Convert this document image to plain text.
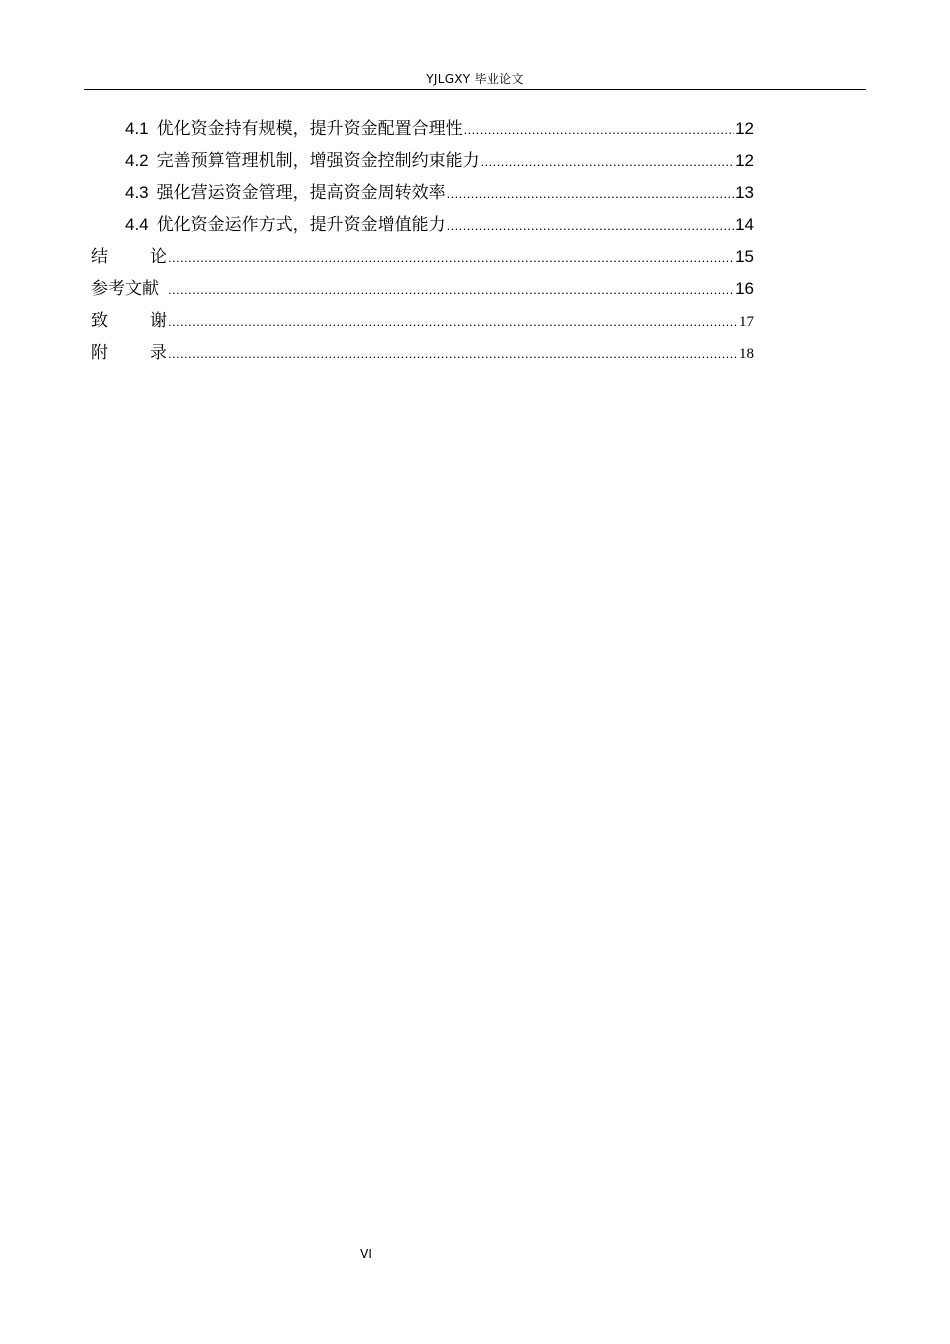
YJLGXY 毕业论文
4.1 优化资金持有规模，提升资金配置合理性 .....	12
4.2 完善预算管理机制，增强资金控制约束能力 .....	12
4.3 强化营运资金管理，提高资金周转效率 .....	13
4.4 优化资金运作方式，提升资金增值能力 .....	14
结 论 .....	15
参考文献 .....	16
致 谢 .....	17
附 录 .....	18
VI
